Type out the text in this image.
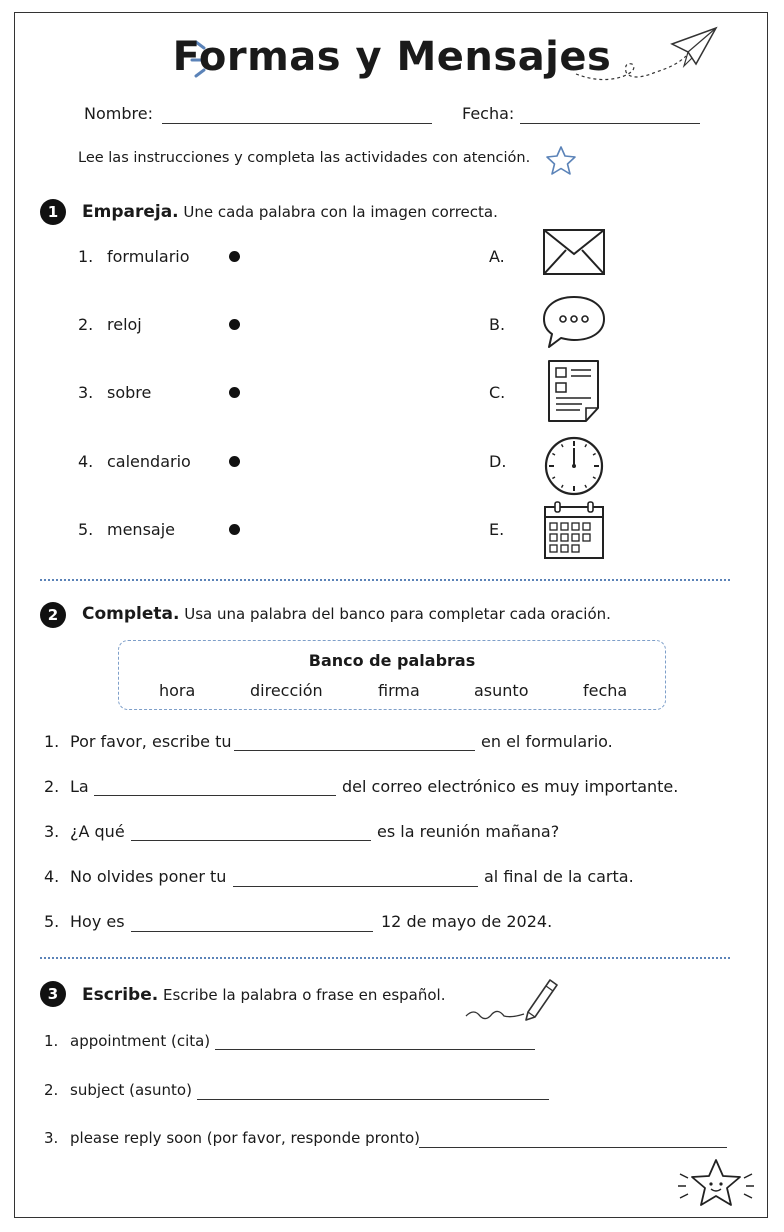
Formas y Mensajes
Nombre:	Fecha:
Lee las instrucciones y completa las actividades con atención.
1	Empareja. Une cada palabra con la imagen correcta.
1. formulario
2. reloj
3. sobre
4. calendario
5. mensaje
A.
B.
C.
D.
E.
2	Completa. Usa una palabra del banco para completar cada oración.
Banco de palabras
hora	dirección	firma	asunto	fecha
1. Por favor, escribe tu	en el formulario.
2. La	del correo electrónico es muy importante.
3. ¿A qué	es la reunión mañana?
4. No olvides poner tu	al final de la carta.
5. Hoy es	12 de mayo de 2024.
3	Escribe. Escribe la palabra o frase en español.
1. appointment (cita)
2. subject (asunto)
3. please reply soon (por favor, responde pronto)
